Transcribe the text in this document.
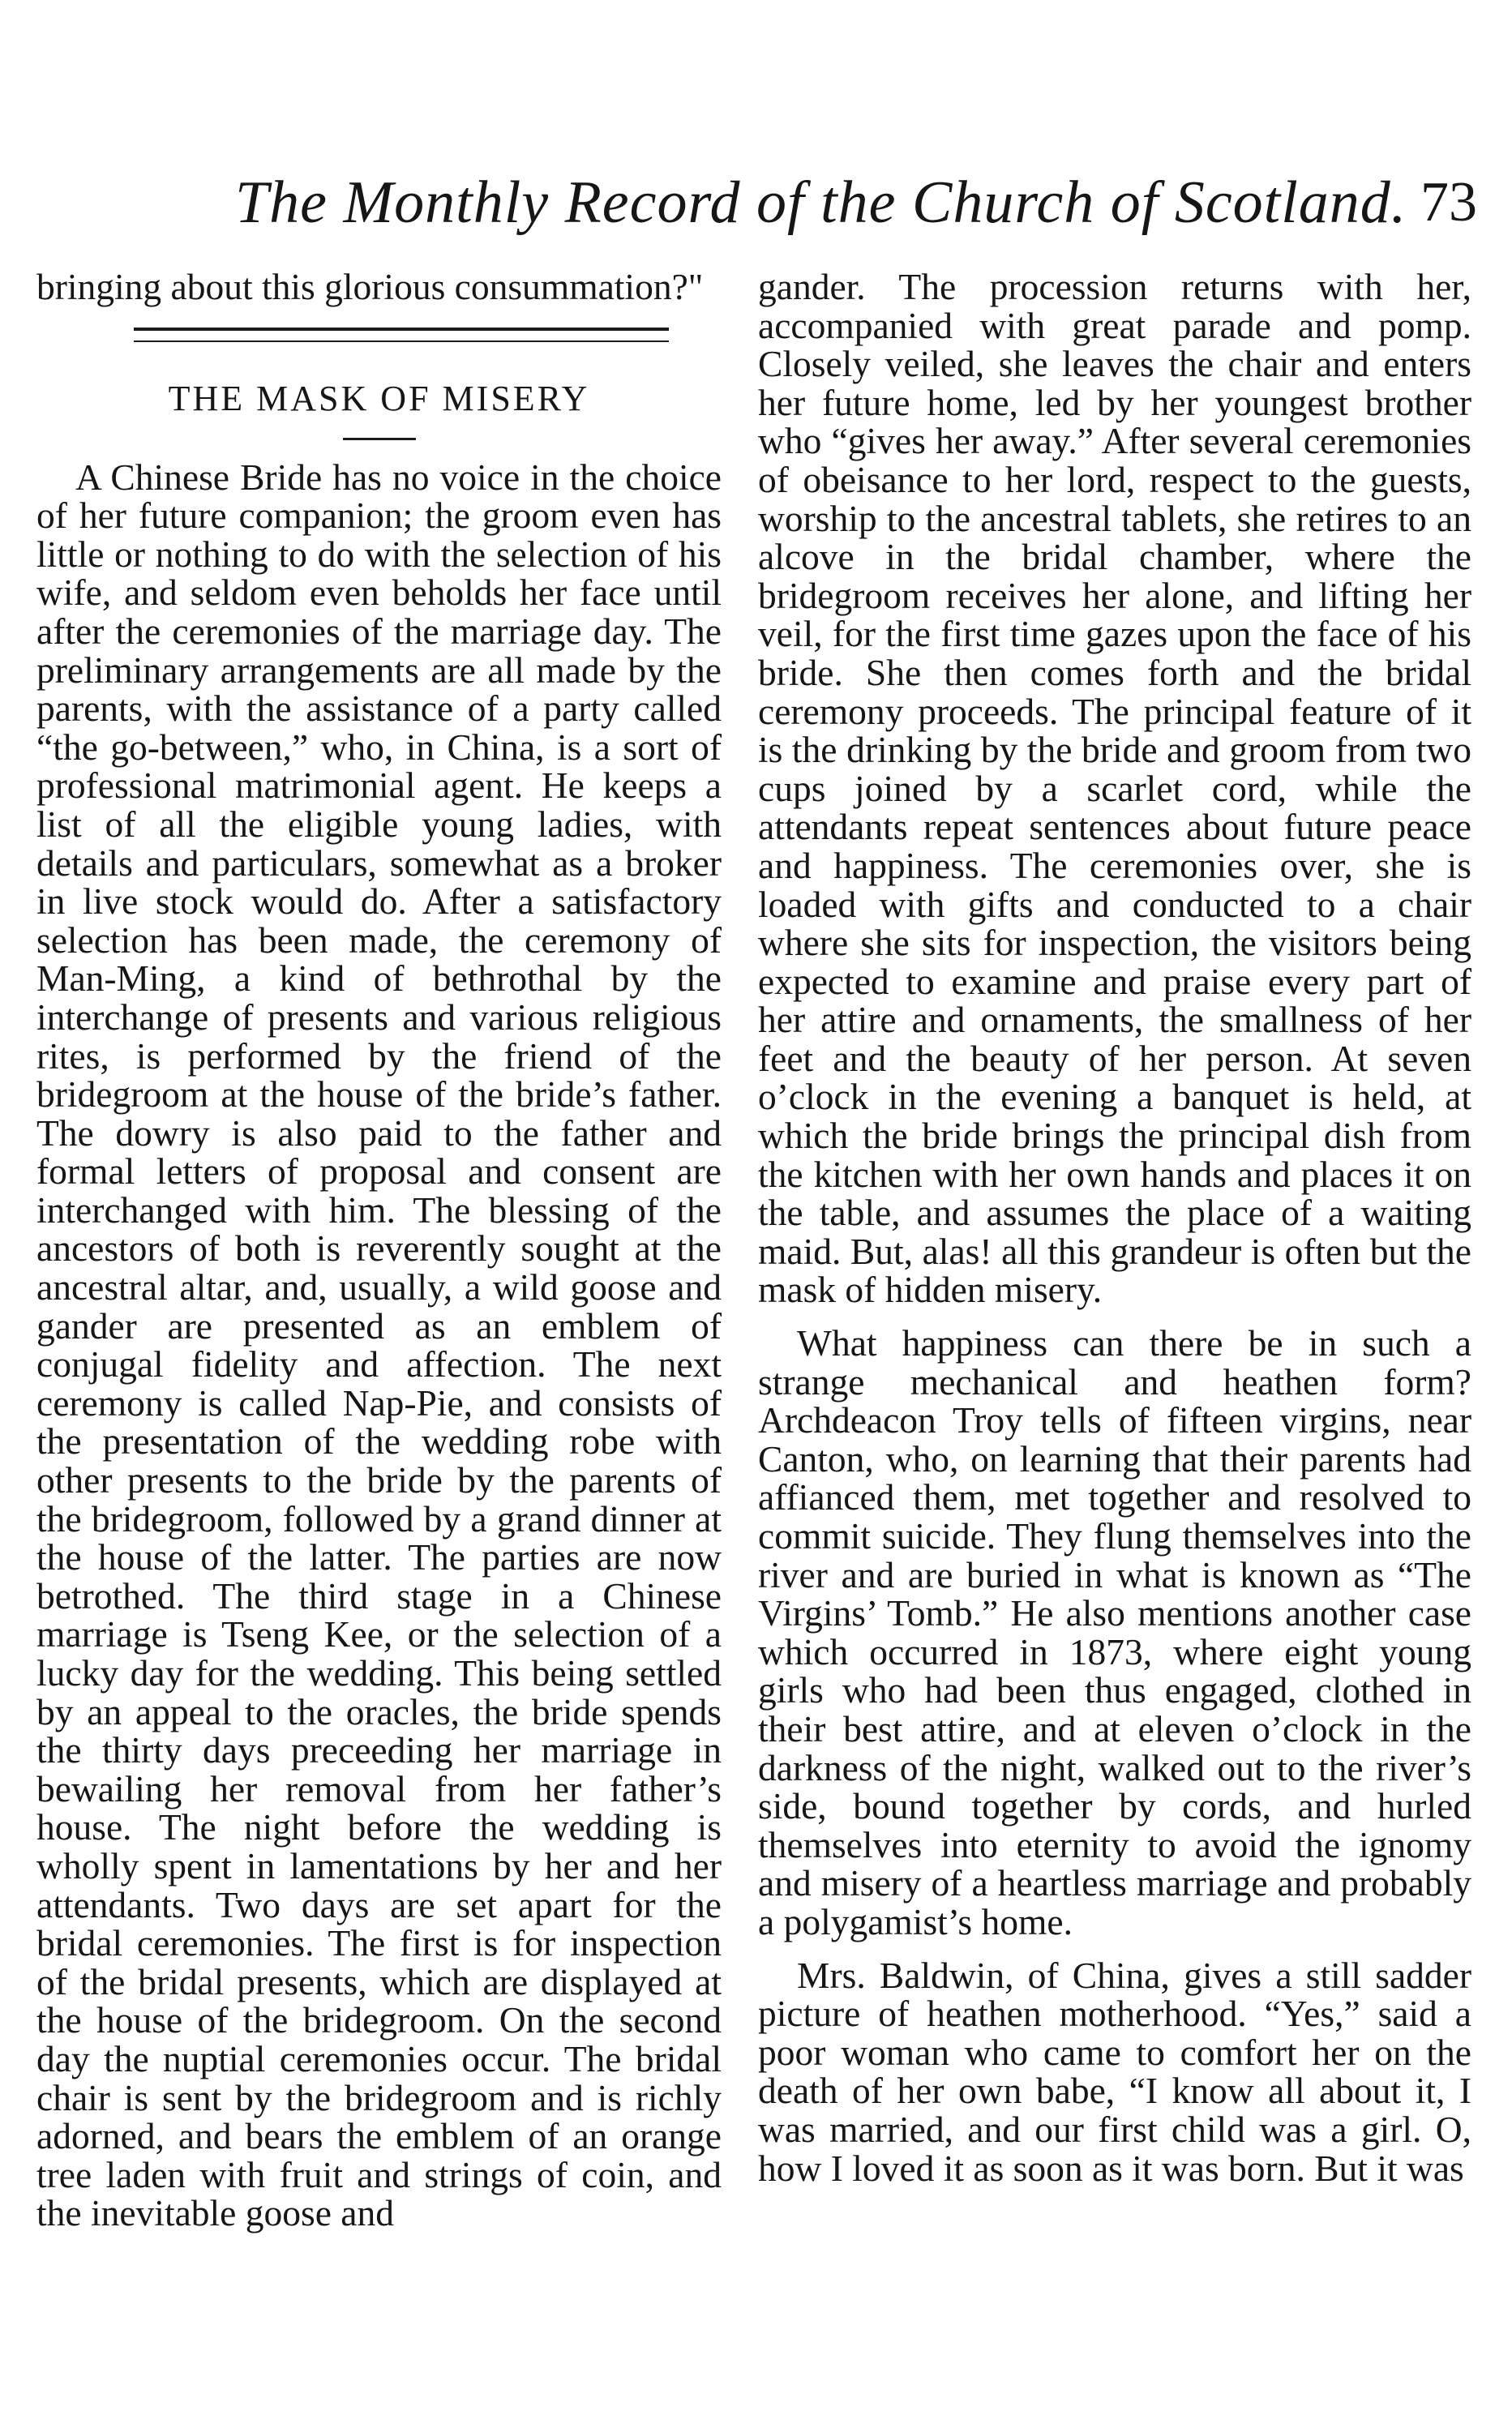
The Monthly Record of the Church of Scotland. 73

bringing about this glorious consummation?"

THE MASK OF MISERY

A Chinese Bride has no voice in the choice of her future companion; the groom even has little or nothing to do with the selection of his wife, and seldom even beholds her face until after the ceremonies of the marriage day. The preliminary arrangements are all made by the parents, with the assistance of a party called “the go-between,” who, in China, is a sort of professional matrimonial agent. He keeps a list of all the eligible young ladies, with details and particulars, somewhat as a broker in live stock would do. After a satisfactory selection has been made, the ceremony of Man-Ming, a kind of bethrothal by the interchange of presents and various religious rites, is performed by the friend of the bridegroom at the house of the bride’s father. The dowry is also paid to the father and formal letters of proposal and consent are interchanged with him. The blessing of the ancestors of both is reverently sought at the ancestral altar, and, usually, a wild goose and gander are presented as an emblem of conjugal fidelity and affection. The next ceremony is called Nap-Pie, and consists of the presentation of the wedding robe with other presents to the bride by the parents of the bridegroom, followed by a grand dinner at the house of the latter. The parties are now betrothed. The third stage in a Chinese marriage is Tseng Kee, or the selection of a lucky day for the wedding. This being settled by an appeal to the oracles, the bride spends the thirty days preceeding her marriage in bewailing her removal from her father’s house. The night before the wedding is wholly spent in lamentations by her and her attendants. Two days are set apart for the bridal ceremonies. The first is for inspection of the bridal presents, which are displayed at the house of the bridegroom. On the second day the nuptial ceremonies occur. The bridal chair is sent by the bridegroom and is richly adorned, and bears the emblem of an orange tree laden with fruit and strings of coin, and the inevitable goose and

gander. The procession returns with her, accompanied with great parade and pomp. Closely veiled, she leaves the chair and enters her future home, led by her youngest brother who “gives her away.” After several ceremonies of obeisance to her lord, respect to the guests, worship to the ancestral tablets, she retires to an alcove in the bridal chamber, where the bridegroom receives her alone, and lifting her veil, for the first time gazes upon the face of his bride. She then comes forth and the bridal ceremony proceeds. The principal feature of it is the drinking by the bride and groom from two cups joined by a scarlet cord, while the attendants repeat sentences about future peace and happiness. The ceremonies over, she is loaded with gifts and conducted to a chair where she sits for inspection, the visitors being expected to examine and praise every part of her attire and ornaments, the smallness of her feet and the beauty of her person. At seven o’clock in the evening a banquet is held, at which the bride brings the principal dish from the kitchen with her own hands and places it on the table, and assumes the place of a waiting maid. But, alas! all this grandeur is often but the mask of hidden misery.

What happiness can there be in such a strange mechanical and heathen form? Archdeacon Troy tells of fifteen virgins, near Canton, who, on learning that their parents had affianced them, met together and resolved to commit suicide. They flung themselves into the river and are buried in what is known as “The Virgins’ Tomb.” He also mentions another case which occurred in 1873, where eight young girls who had been thus engaged, clothed in their best attire, and at eleven o’clock in the darkness of the night, walked out to the river’s side, bound together by cords, and hurled themselves into eternity to avoid the ignomy and misery of a heartless marriage and probably a polygamist’s home.

Mrs. Baldwin, of China, gives a still sadder picture of heathen motherhood. “Yes,” said a poor woman who came to comfort her on the death of her own babe, “I know all about it, I was married, and our first child was a girl. O, how I loved it as soon as it was born. But it was
